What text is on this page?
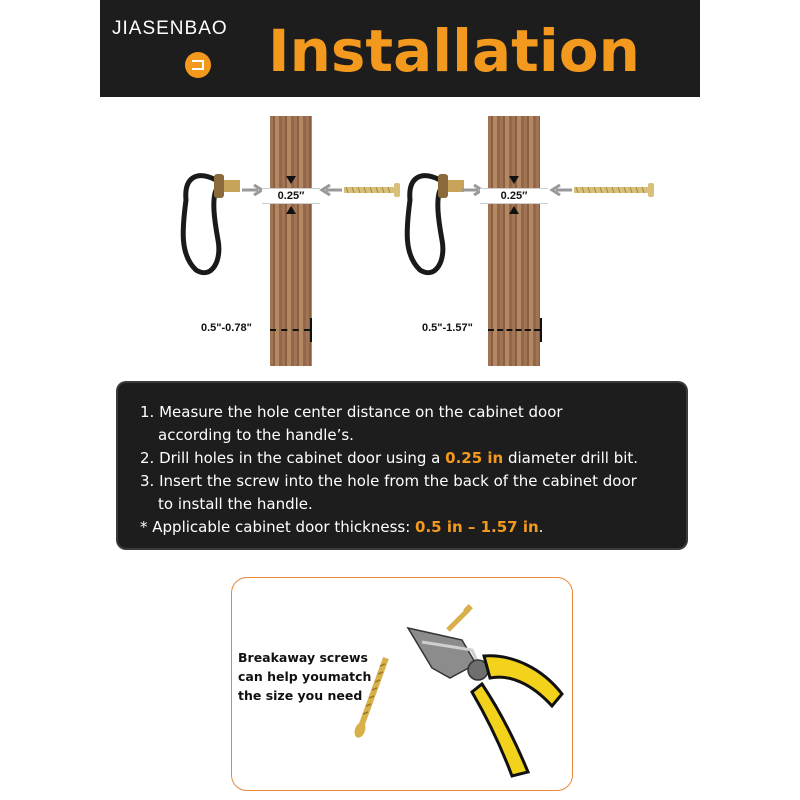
JIASENBAO Installation
0.25″
0.5"-0.78"
0.25″
0.5"-1.57"
1. Measure the hole center distance on the cabinet door
according to the handle’s.
2. Drill holes in the cabinet door using a 0.25 in diameter drill bit.
3. Insert the screw into the hole from the back of the cabinet door
to install the handle.
* Applicable cabinet door thickness: 0.5 in – 1.57 in.
Breakaway screws
can help youmatch
the size you need
